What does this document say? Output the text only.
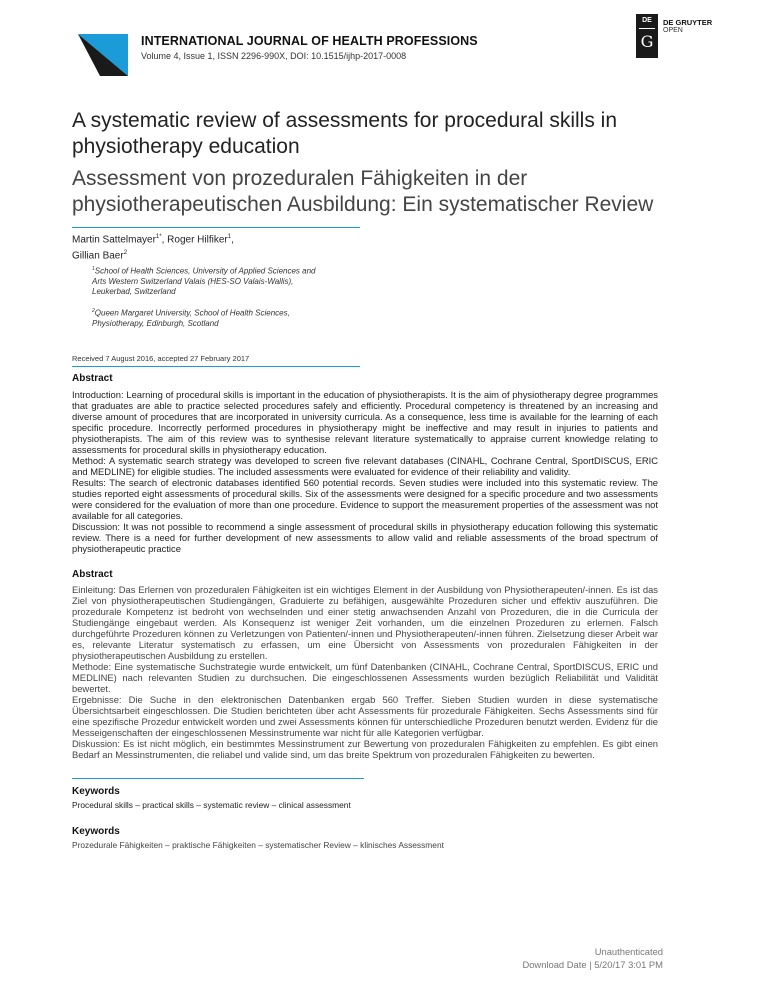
INTERNATIONAL JOURNAL OF HEALTH PROFESSIONS
Volume 4, Issue 1, ISSN 2296-990X, DOI: 10.1515/ijhp-2017-0008
DE
G
DE GRUYTER
OPEN
A systematic review of assessments for procedural skills in physiotherapy education
Assessment von prozeduralen Fähigkeiten in der physiotherapeutischen Ausbildung: Ein systematischer Review
Martin Sattelmayer$^{1*}$, Roger Hilfiker$^1$,
Gillian Baer$^2$
$^1$School of Health Sciences, University of Applied Sciences and Arts Western Switzerland Valais (HES-SO Valais-Wallis), Leukerbad, Switzerland
$^2$Queen Margaret University, School of Health Sciences, Physiotherapy, Edinburgh, Scotland
Received 7 August 2016, accepted 27 February 2017
Abstract

Introduction: Learning of procedural skills is important in the education of physiotherapists. It is the aim of physiotherapy degree programmes that graduates are able to practice selected procedures safely and efficiently. Procedural competency is threatened by an increasing and diverse amount of procedures that are incorporated in university curricula. As a consequence, less time is available for the learning of each specific procedure. Incorrectly performed procedures in physiotherapy might be ineffective and may result in injuries to patients and physiotherapists. The aim of this review was to synthesise relevant literature systematically to appraise current knowledge relating to assessments for procedural skills in physiotherapy education.

Method: A systematic search strategy was developed to screen five relevant databases (CINAHL, Cochrane Central, SportDISCUS, ERIC and MEDLINE) for eligible studies. The included assessments were evaluated for evidence of their reliability and validity.

Results: The search of electronic databases identified 560 potential records. Seven studies were included into this systematic review. The studies reported eight assessments of procedural skills. Six of the assessments were designed for a specific procedure and two assessments were considered for the evaluation of more than one procedure. Evidence to support the measurement properties of the assessment was not available for all categories.

Discussion: It was not possible to recommend a single assessment of procedural skills in physiotherapy education following this systematic review. There is a need for further development of new assessments to allow valid and reliable assessments of the broad spectrum of physiotherapeutic practice

Abstract

Einleitung: Das Erlernen von prozeduralen Fähigkeiten ist ein wichtiges Element in der Ausbildung von Physiotherapeuten/-innen. Es ist das Ziel von physiotherapeutischen Studiengängen, Graduierte zu befähigen, ausgewählte Prozeduren sicher und effektiv auszuführen. Die prozedurale Kompetenz ist bedroht von wechselnden und einer stetig anwachsenden Anzahl von Prozeduren, die in die Curricula der Studiengänge eingebaut werden. Als Konsequenz ist weniger Zeit vorhanden, um die einzelnen Prozeduren zu erlernen. Falsch durchgeführte Prozeduren können zu Verletzungen von Patienten/-innen und Physiotherapeuten/-innen führen. Zielsetzung dieser Arbeit war es, relevante Literatur systematisch zu erfassen, um eine Übersicht von Assessments von prozeduralen Fähigkeiten in der physiotherapeutischen Ausbildung zu erstellen.

Methode: Eine systematische Suchstrategie wurde entwickelt, um fünf Datenbanken (CINAHL, Cochrane Central, SportDISCUS, ERIC und MEDLINE) nach relevanten Studien zu durchsuchen. Die eingeschlossenen Assessments wurden bezüglich Reliabilität und Validität bewertet.

Ergebnisse: Die Suche in den elektronischen Datenbanken ergab 560 Treffer. Sieben Studien wurden in diese systematische Übersichtsarbeit eingeschlossen. Die Studien berichteten über acht Assessments für prozedurale Fähigkeiten. Sechs Assessments sind für eine spezifische Prozedur entwickelt worden und zwei Assessments können für unterschiedliche Prozeduren benutzt werden. Evidenz für die Messeigenschaften der eingeschlossenen Messinstrumente war nicht für alle Kategorien verfügbar.

Diskussion: Es ist nicht möglich, ein bestimmtes Messinstrument zur Bewertung von prozeduralen Fähigkeiten zu empfehlen. Es gibt einen Bedarf an Messinstrumenten, die reliabel und valide sind, um das breite Spektrum von prozeduralen Fähigkeiten zu bewerten.

Keywords
Procedural skills – practical skills – systematic review – clinical assessment
Keywords
Prozedurale Fähigkeiten – praktische Fähigkeiten – systematischer Review – klinisches Assessment
Unauthenticated
Download Date | 5/20/17 3:01 PM
